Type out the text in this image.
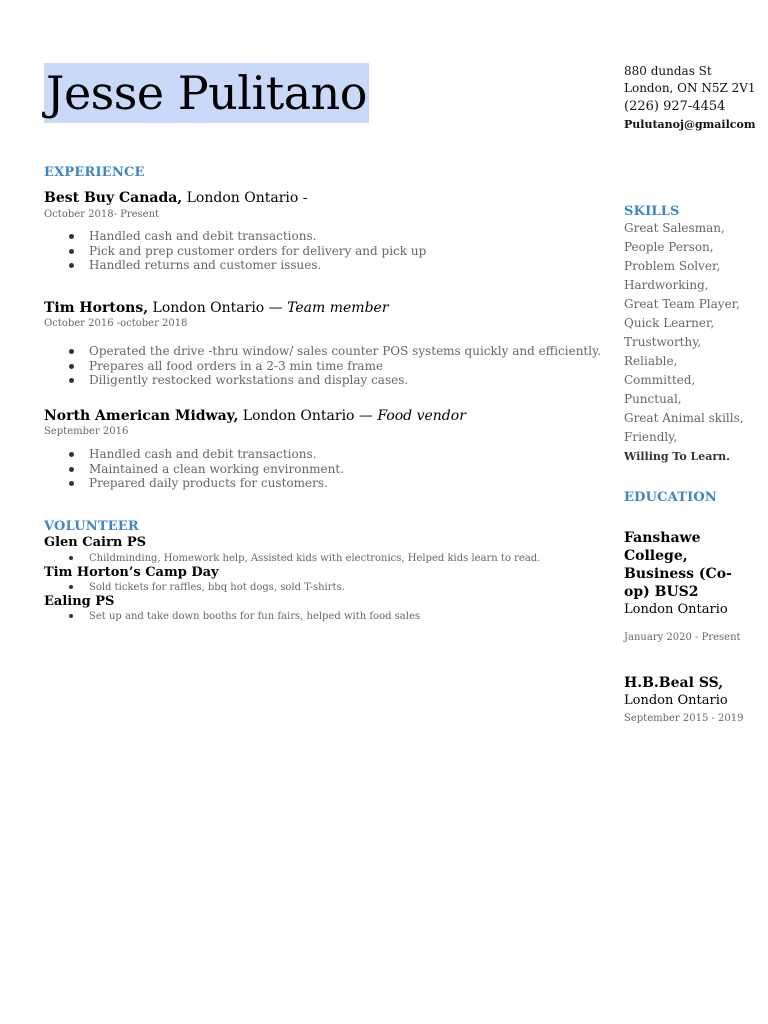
Jesse Pulitano	880 dundas St
London, ON N5Z 2V1
(226) 927-4454
Pulutanoj@gmailcom
EXPERIENCE
Best Buy Canada, London Ontario -
October 2018- Present
Handled cash and debit transactions.
Pick and prep customer orders for delivery and pick up
Handled returns and customer issues.
Tim Hortons, London Ontario — Team member
October 2016 -october 2018
Operated the drive -thru window/ sales counter POS systems quickly and efficiently.
Prepares all food orders in a 2-3 min time frame
Diligently restocked workstations and display cases.
North American Midway, London Ontario — Food vendor
September 2016
Handled cash and debit transactions.
Maintained a clean working environment.
Prepared daily products for customers.
VOLUNTEER
Glen Cairn PS
Childminding, Homework help, Assisted kids with electronics, Helped kids learn to read.
Tim Horton’s Camp Day
Sold tickets for raffles, bbq hot dogs, sold T-shirts.
Ealing PS
Set up and take down booths for fun fairs, helped with food sales
SKILLS
Great Salesman,
People Person,
Problem Solver,
Hardworking,
Great Team Player,
Quick Learner,
Trustworthy,
Reliable,
Committed,
Punctual,
Great Animal skills,
Friendly,
Willing To Learn.
EDUCATION
Fanshawe
College,
Business (Co-
op) BUS2
London Ontario
January 2020 - Present
H.B.Beal SS,
London Ontario
September 2015 - 2019
